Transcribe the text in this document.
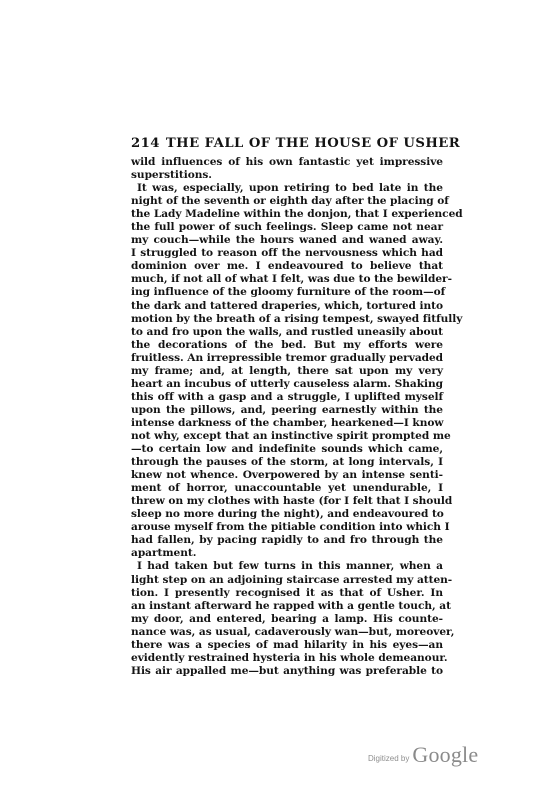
214 THE FALL OF THE HOUSE OF USHER
wild influences of his own fantastic yet impressive
superstitions.
It was, especially, upon retiring to bed late in the
night of the seventh or eighth day after the placing of
the Lady Madeline within the donjon, that I experienced
the full power of such feelings. Sleep came not near
my couch—while the hours waned and waned away.
I struggled to reason off the nervousness which had
dominion over me. I endeavoured to believe that
much, if not all of what I felt, was due to the bewilder-
ing influence of the gloomy furniture of the room—of
the dark and tattered draperies, which, tortured into
motion by the breath of a rising tempest, swayed fitfully
to and fro upon the walls, and rustled uneasily about
the decorations of the bed. But my efforts were
fruitless. An irrepressible tremor gradually pervaded
my frame; and, at length, there sat upon my very
heart an incubus of utterly causeless alarm. Shaking
this off with a gasp and a struggle, I uplifted myself
upon the pillows, and, peering earnestly within the
intense darkness of the chamber, hearkened—I know
not why, except that an instinctive spirit prompted me
—to certain low and indefinite sounds which came,
through the pauses of the storm, at long intervals, I
knew not whence. Overpowered by an intense senti-
ment of horror, unaccountable yet unendurable, I
threw on my clothes with haste (for I felt that I should
sleep no more during the night), and endeavoured to
arouse myself from the pitiable condition into which I
had fallen, by pacing rapidly to and fro through the
apartment.
I had taken but few turns in this manner, when a
light step on an adjoining staircase arrested my atten-
tion. I presently recognised it as that of Usher. In
an instant afterward he rapped with a gentle touch, at
my door, and entered, bearing a lamp. His counte-
nance was, as usual, cadaverously wan—but, moreover,
there was a species of mad hilarity in his eyes—an
evidently restrained hysteria in his whole demeanour.
His air appalled me—but anything was preferable to
Digitized by Google
